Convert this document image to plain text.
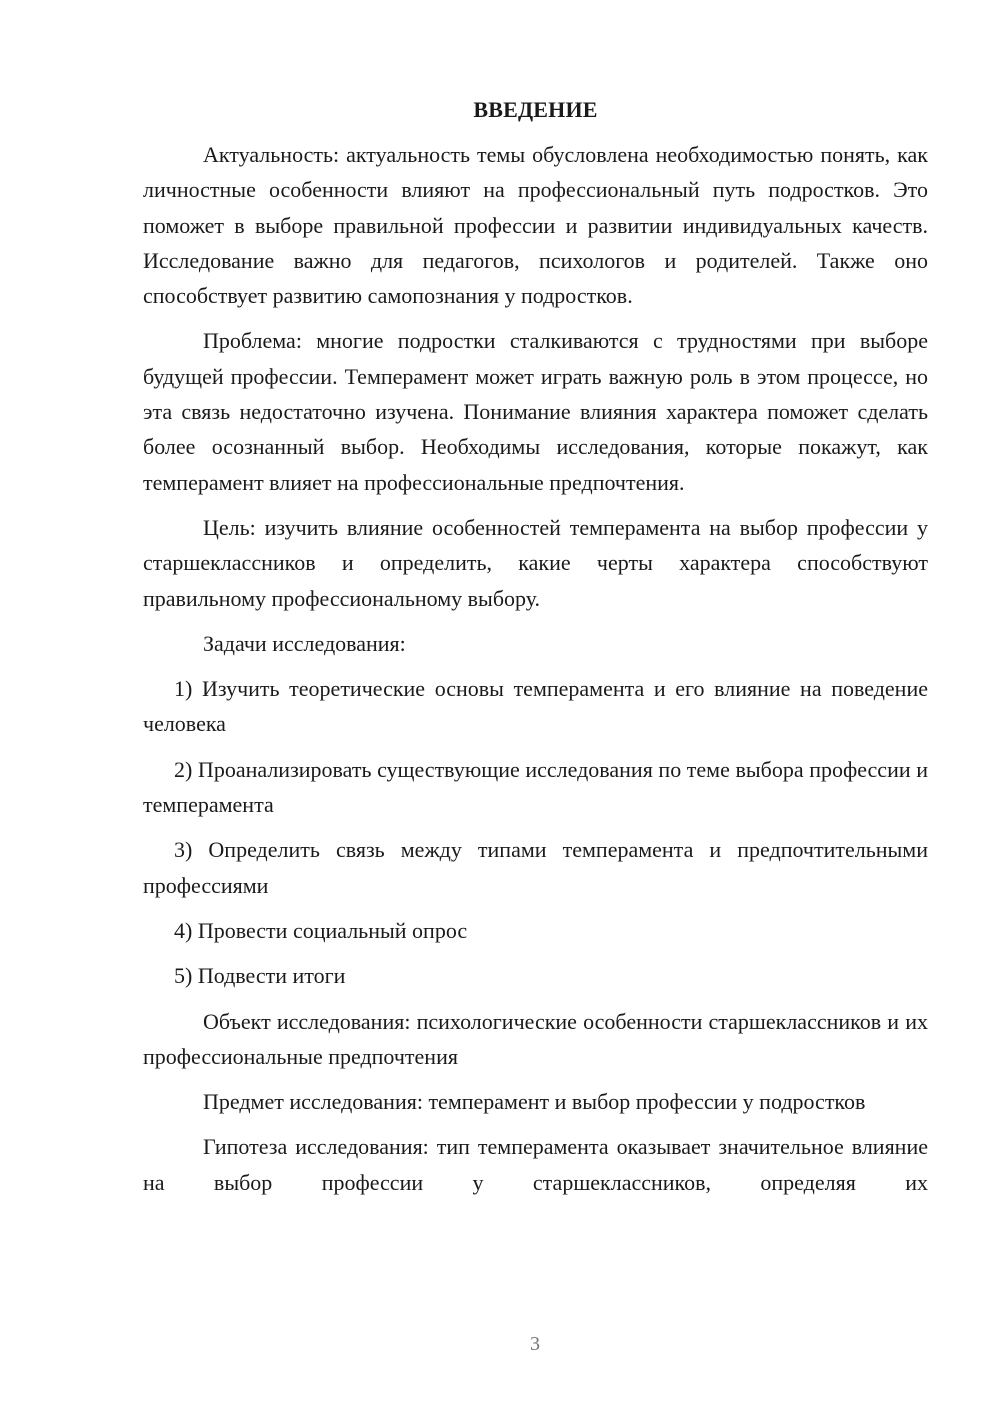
ВВЕДЕНИЕ

Актуальность: актуальность темы обусловлена необходимостью понять, как личностные особенности влияют на профессиональный путь подростков. Это поможет в выборе правильной профессии и развитии индивидуальных качеств. Исследование важно для педагогов, психологов и родителей. Также оно способствует развитию самопознания у подростков.

Проблема: многие подростки сталкиваются с трудностями при выборе будущей профессии. Темперамент может играть важную роль в этом процессе, но эта связь недостаточно изучена. Понимание влияния характера поможет сделать более осознанный выбор. Необходимы исследования, которые покажут, как темперамент влияет на профессиональные предпочтения.

Цель: изучить влияние особенностей темперамента на выбор профессии у старшеклассников и определить, какие черты характера способствуют правильному профессиональному выбору.

Задачи исследования:

1) Изучить теоретические основы темперамента и его влияние на поведение человека

2) Проанализировать существующие исследования по теме выбора профессии и темперамента

3) Определить связь между типами темперамента и предпочтительными профессиями

4) Провести социальный опрос

5) Подвести итоги

Объект исследования: психологические особенности старшеклассников и их профессиональные предпочтения

Предмет исследования: темперамент и выбор профессии у подростков

Гипотеза исследования: тип темперамента оказывает значительное влияние на выбор профессии у старшеклассников, определяя их

3
